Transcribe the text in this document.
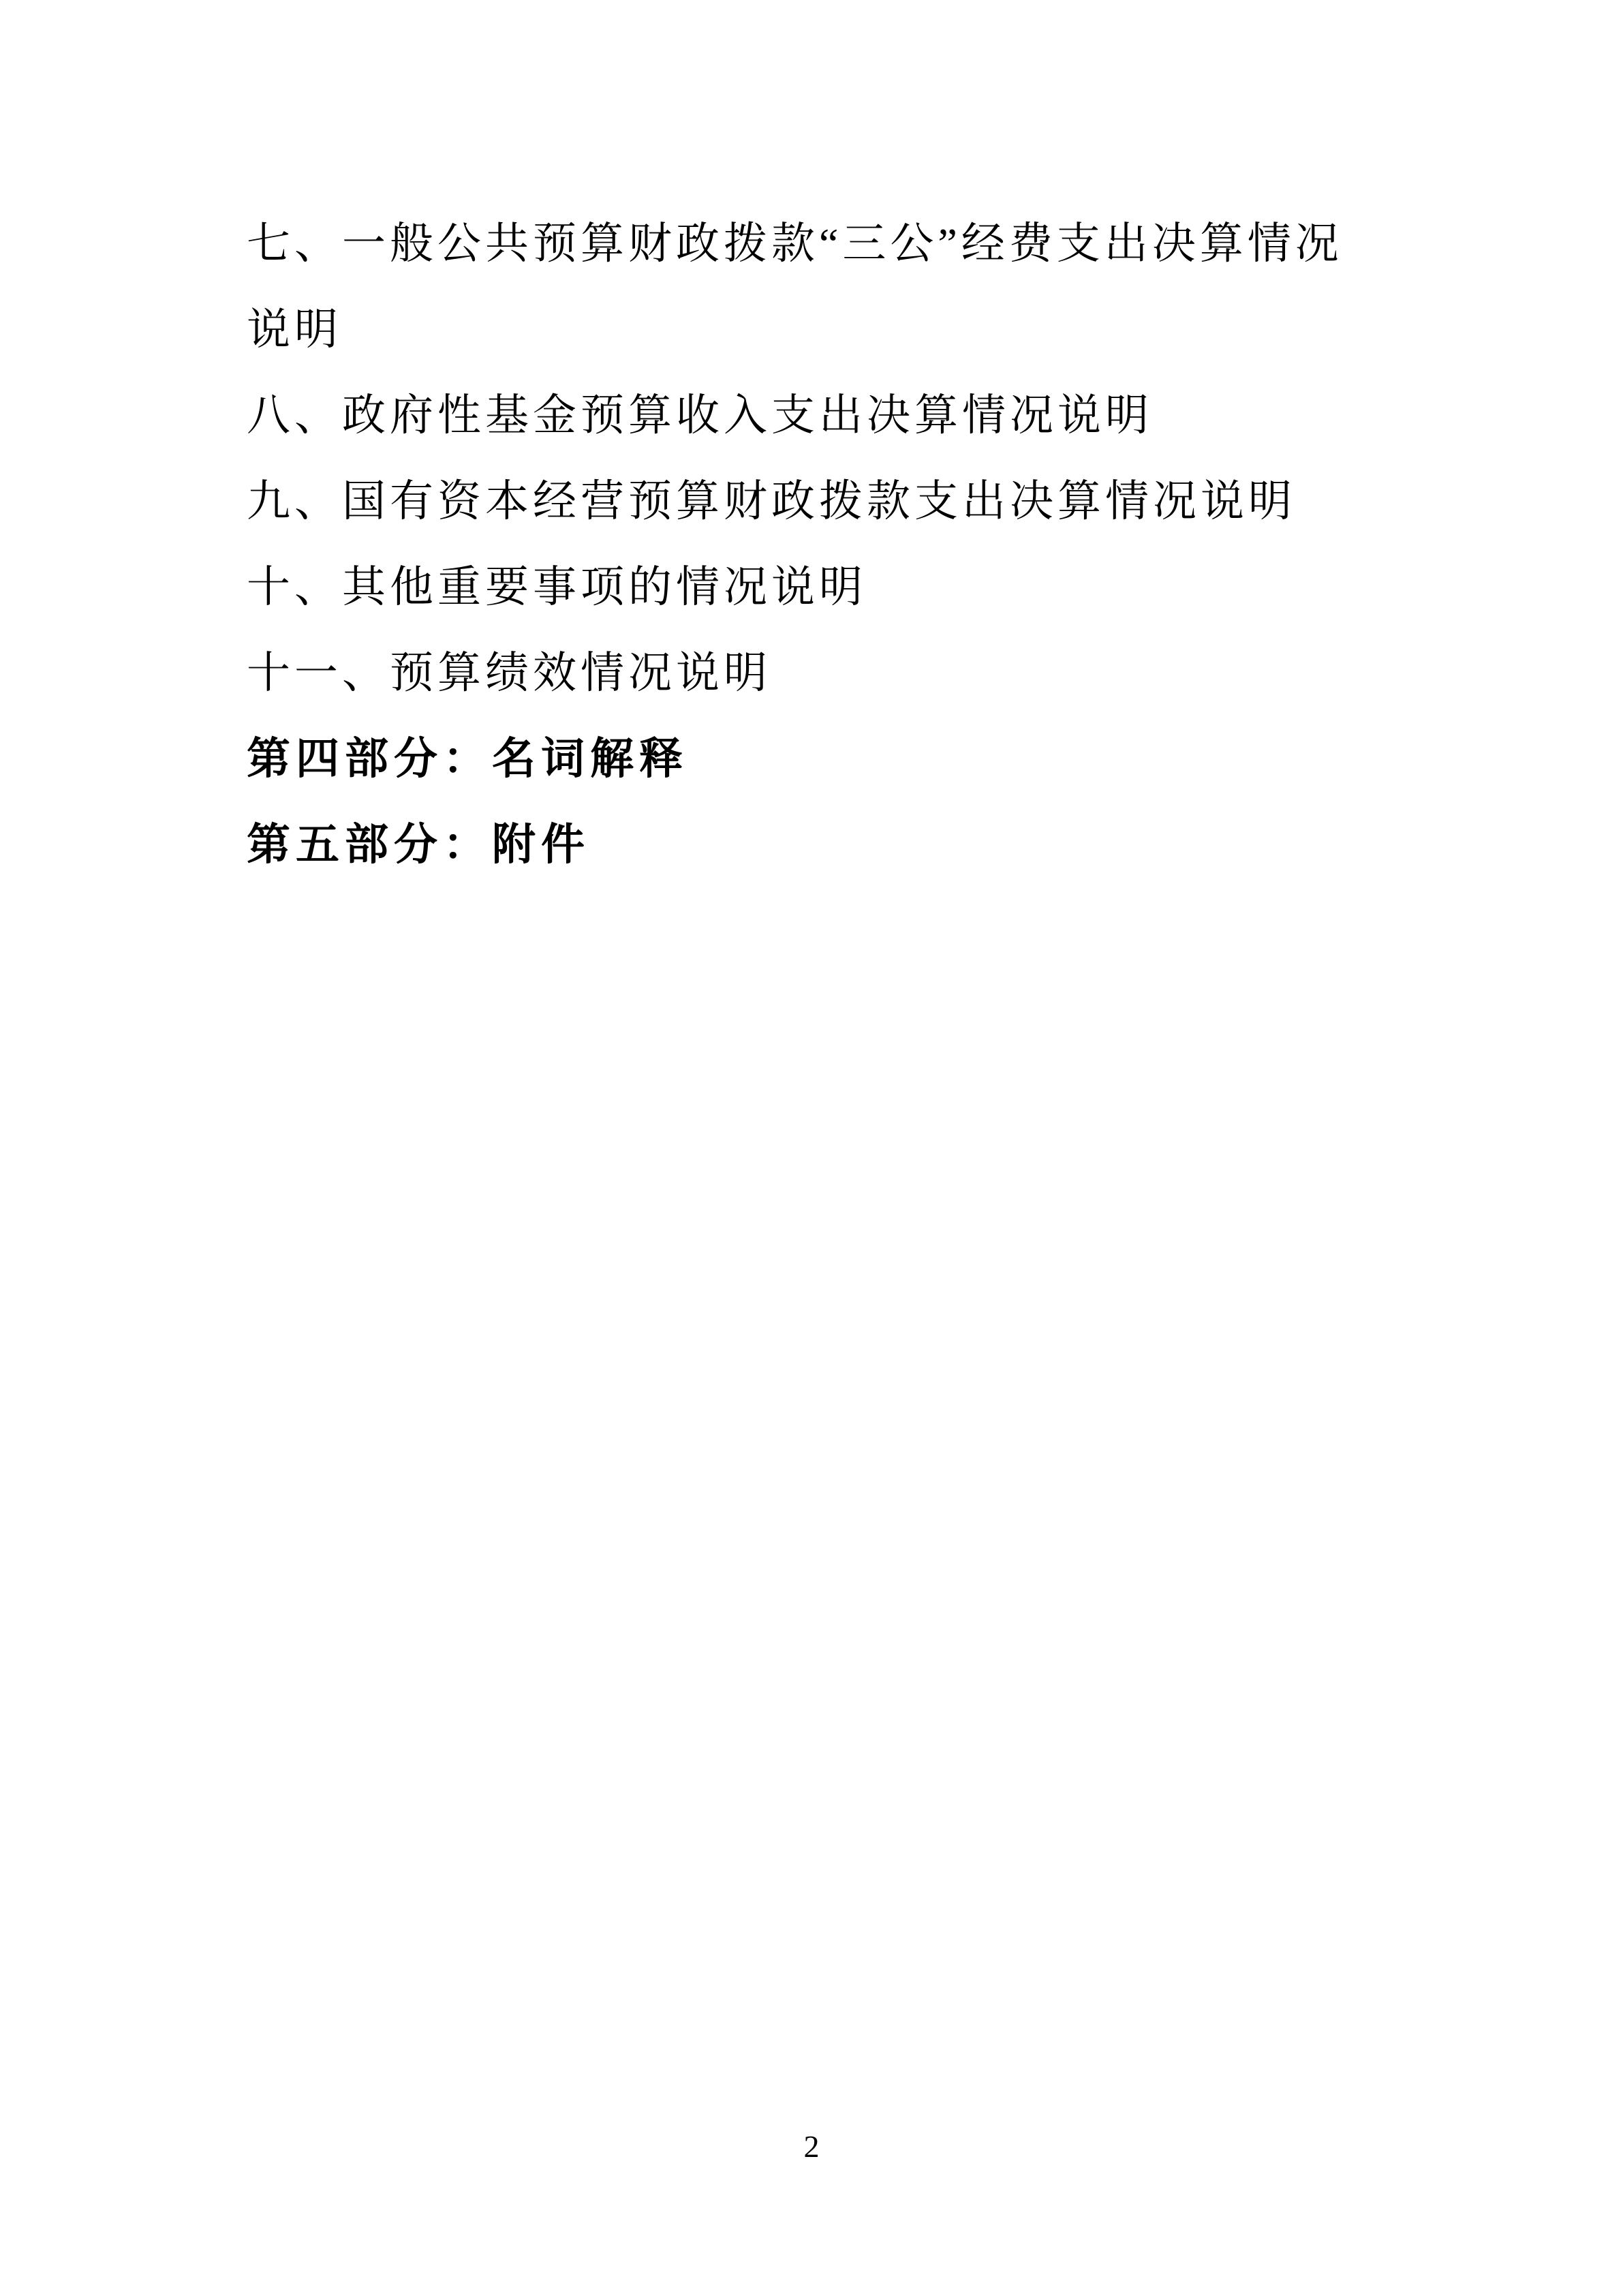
七、一般公共预算财政拨款“三公”经费支出决算情况
说明
八、政府性基金预算收入支出决算情况说明
九、国有资本经营预算财政拨款支出决算情况说明
十、其他重要事项的情况说明
十一、预算绩效情况说明
第四部分：名词解释
第五部分：附件
2
